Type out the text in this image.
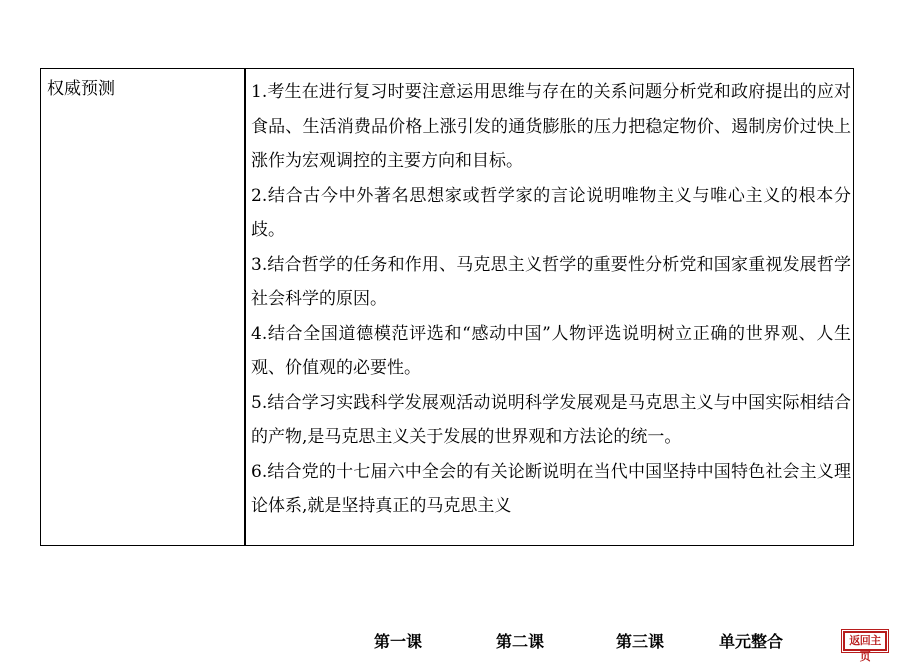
权威预测	1.考生在进行复习时要注意运用思维与存在的关系问题分析党和政府提出的应对食品、生活消费品价格上涨引发的通货膨胀的压力把稳定物价、遏制房价过快上涨作为宏观调控的主要方向和目标。

2.结合古今中外著名思想家或哲学家的言论说明唯物主义与唯心主义的根本分歧。

3.结合哲学的任务和作用、马克思主义哲学的重要性分析党和国家重视发展哲学社会科学的原因。

4.结合全国道德模范评选和“感动中国”人物评选说明树立正确的世界观、人生观、价值观的必要性。

5.结合学习实践科学发展观活动说明科学发展观是马克思主义与中国实际相结合的产物,是马克思主义关于发展的世界观和方法论的统一。

6.结合党的十七届六中全会的有关论断说明在当代中国坚持中国特色社会主义理论体系,就是坚持真正的马克思主义

第一课	第二课	第三课	单元整合	返回主页
